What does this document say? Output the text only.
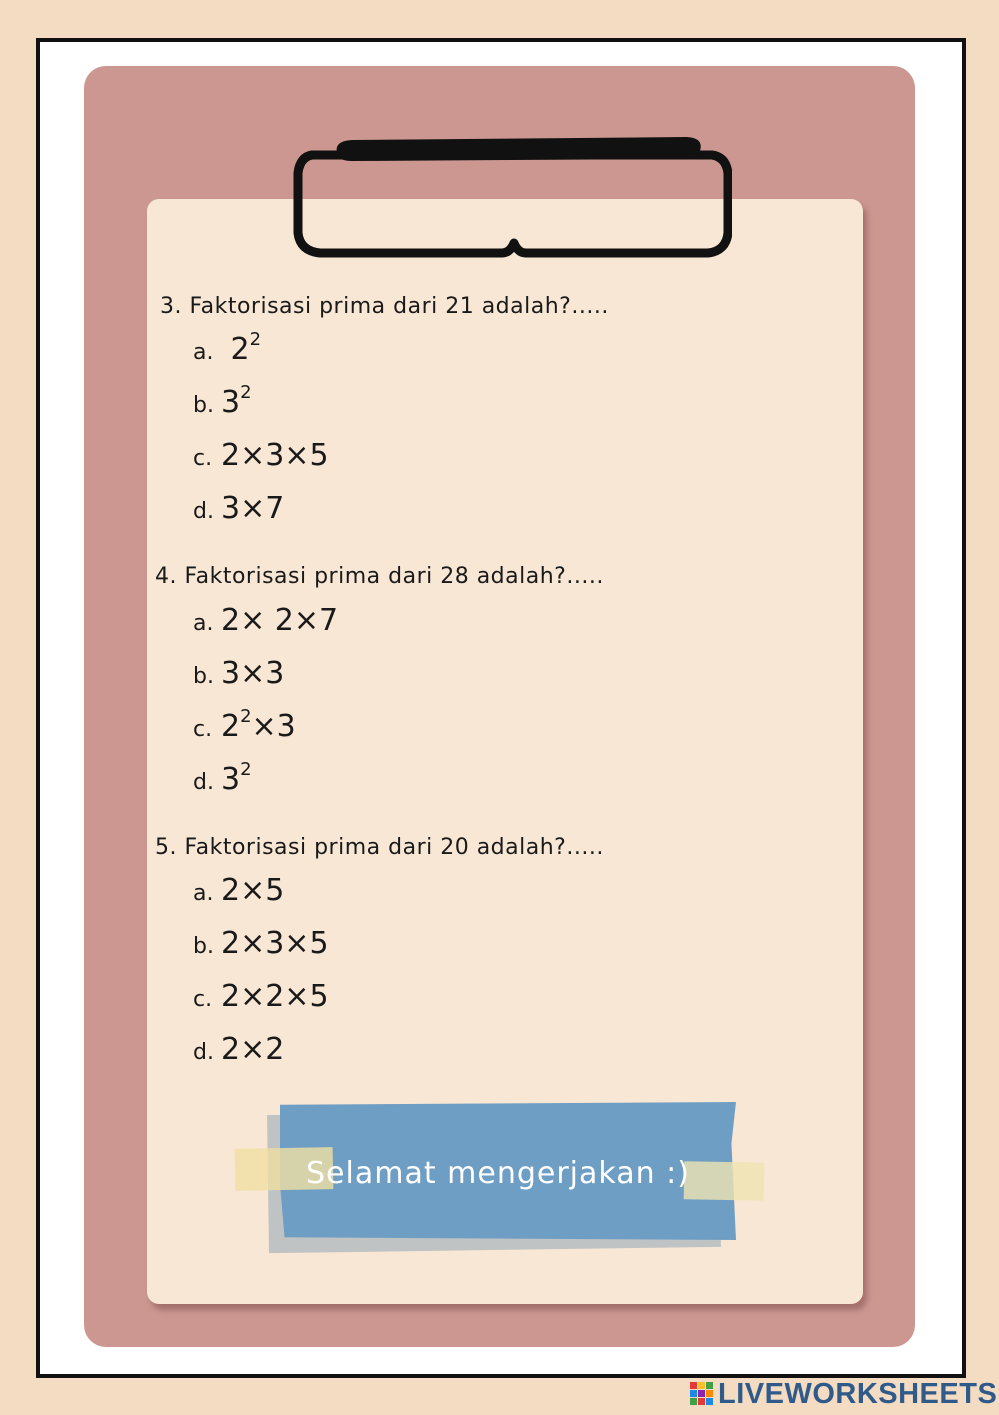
3. Faktorisasi prima dari 21 adalah?.....
a. $2^2$
b. $3^2$
c. 2×3×5
d. 3×7
4. Faktorisasi prima dari 28 adalah?.....
a. 2× 2×7
b. 3×3
c. $2^2\times 3$
d. $3^2$
5. Faktorisasi prima dari 20 adalah?.....
a. 2×5
b. 2×3×5
c. 2×2×5
d. 2×2
Selamat mengerjakan :)
LIVEWORKSHEETS
